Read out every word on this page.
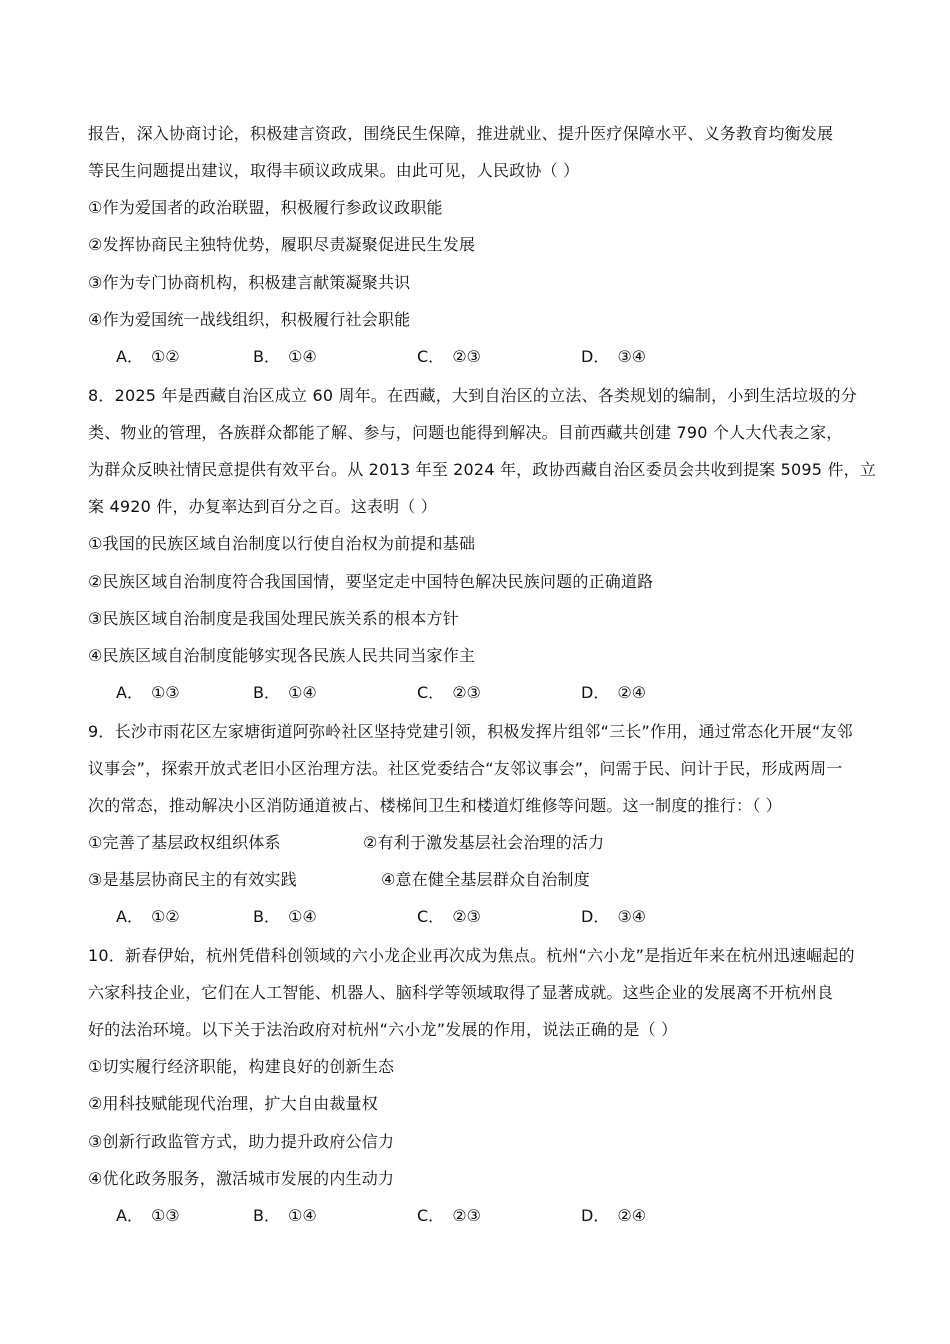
报告，深入协商讨论，积极建言资政，围绕民生保障，推进就业、提升医疗保障水平、义务教育均衡发展
等民生问题提出建议，取得丰硕议政成果。由此可见，人民政协（ ）
①作为爱国者的政治联盟，积极履行参政议政职能
②发挥协商民主独特优势，履职尽责凝聚促进民生发展
③作为专门协商机构，积极建言献策凝聚共识
④作为爱国统一战线组织，积极履行社会职能
A． ①②	B． ①④	C． ②③	D． ③④
8．2025 年是西藏自治区成立 60 周年。在西藏，大到自治区的立法、各类规划的编制，小到生活垃圾的分
类、物业的管理，各族群众都能了解、参与，问题也能得到解决。目前西藏共创建 790 个人大代表之家，
为群众反映社情民意提供有效平台。从 2013 年至 2024 年，政协西藏自治区委员会共收到提案 5095 件，立
案 4920 件，办复率达到百分之百。这表明（ ）
①我国的民族区域自治制度以行使自治权为前提和基础
②民族区域自治制度符合我国国情，要坚定走中国特色解决民族问题的正确道路
③民族区域自治制度是我国处理民族关系的根本方针
④民族区域自治制度能够实现各民族人民共同当家作主
A． ①③	B． ①④	C． ②③	D． ②④
9．长沙市雨花区左家塘街道阿弥岭社区坚持党建引领，积极发挥片组邻“三长”作用，通过常态化开展“友邻
议事会”，探索开放式老旧小区治理方法。社区党委结合“友邻议事会”，问需于民、问计于民，形成两周一
次的常态，推动解决小区消防通道被占、楼梯间卫生和楼道灯维修等问题。这一制度的推行：（ ）
①完善了基层政权组织体系	②有利于激发基层社会治理的活力
③是基层协商民主的有效实践	④意在健全基层群众自治制度
A． ①②	B． ①④	C． ②③	D． ③④
10．新春伊始，杭州凭借科创领域的六小龙企业再次成为焦点。杭州“六小龙”是指近年来在杭州迅速崛起的
六家科技企业，它们在人工智能、机器人、脑科学等领域取得了显著成就。这些企业的发展离不开杭州良
好的法治环境。以下关于法治政府对杭州“六小龙”发展的作用，说法正确的是（ ）
①切实履行经济职能，构建良好的创新生态
②用科技赋能现代治理，扩大自由裁量权
③创新行政监管方式，助力提升政府公信力
④优化政务服务，激活城市发展的内生动力
A． ①③	B． ①④	C． ②③	D． ②④
